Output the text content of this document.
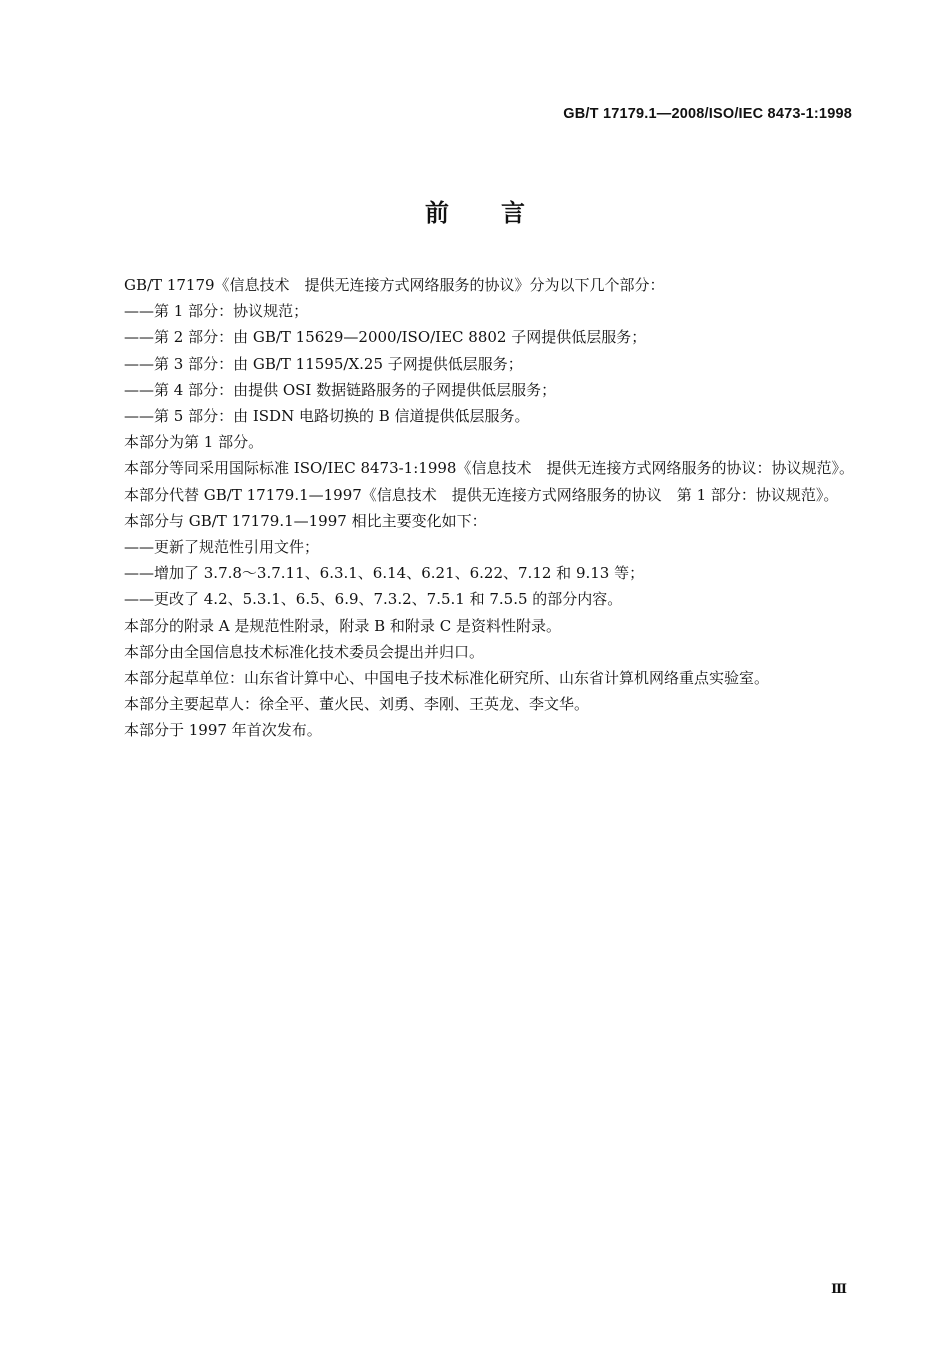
GB/T 17179.1—2008/ISO/IEC 8473-1:1998
前言

GB/T 17179《信息技术　提供无连接方式网络服务的协议》分为以下几个部分：

——第 1 部分：协议规范；

——第 2 部分：由 GB/T 15629—2000/ISO/IEC 8802 子网提供低层服务；

——第 3 部分：由 GB/T 11595/X.25 子网提供低层服务；

——第 4 部分：由提供 OSI 数据链路服务的子网提供低层服务；

——第 5 部分：由 ISDN 电路切换的 B 信道提供低层服务。

本部分为第 1 部分。

本部分等同采用国际标准 ISO/IEC 8473-1:1998《信息技术　提供无连接方式网络服务的协议：协议规范》。

本部分代替 GB/T 17179.1—1997《信息技术　提供无连接方式网络服务的协议　第 1 部分：协议规范》。

本部分与 GB/T 17179.1—1997 相比主要变化如下：

——更新了规范性引用文件；

——增加了 3.7.8～3.7.11、6.3.1、6.14、6.21、6.22、7.12 和 9.13 等；

——更改了 4.2、5.3.1、6.5、6.9、7.3.2、7.5.1 和 7.5.5 的部分内容。

本部分的附录 A 是规范性附录，附录 B 和附录 C 是资料性附录。

本部分由全国信息技术标准化技术委员会提出并归口。

本部分起草单位：山东省计算中心、中国电子技术标准化研究所、山东省计算机网络重点实验室。

本部分主要起草人：徐全平、董火民、刘勇、李刚、王英龙、李文华。

本部分于 1997 年首次发布。

Ⅲ
